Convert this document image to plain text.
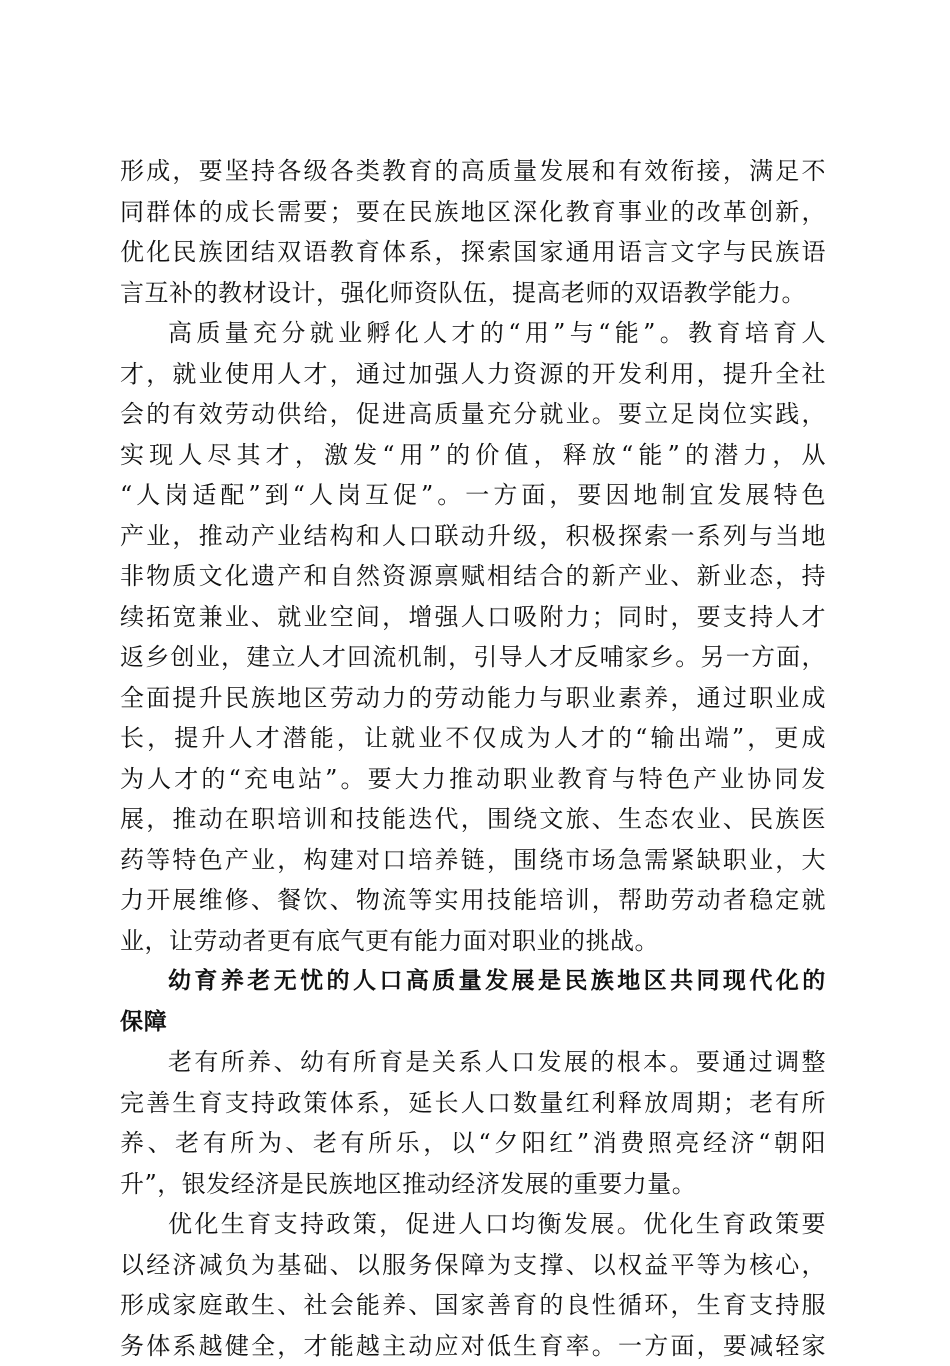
形成，要坚持各级各类教育的高质量发展和有效衔接，满足不
同群体的成长需要；要在民族地区深化教育事业的改革创新，
优化民族团结双语教育体系，探索国家通用语言文字与民族语
言互补的教材设计，强化师资队伍，提高老师的双语教学能力。
高质量充分就业孵化人才的“用”与“能”。教育培育人
才，就业使用人才，通过加强人力资源的开发利用，提升全社
会的有效劳动供给，促进高质量充分就业。要立足岗位实践，
实现人尽其才，激发“用”的价值，释放“能”的潜力，从
“人岗适配”到“人岗互促”。一方面，要因地制宜发展特色
产业，推动产业结构和人口联动升级，积极探索一系列与当地
非物质文化遗产和自然资源禀赋相结合的新产业、新业态，持
续拓宽兼业、就业空间，增强人口吸附力；同时，要支持人才
返乡创业，建立人才回流机制，引导人才反哺家乡。另一方面，
全面提升民族地区劳动力的劳动能力与职业素养，通过职业成
长，提升人才潜能，让就业不仅成为人才的“输出端”，更成
为人才的“充电站”。要大力推动职业教育与特色产业协同发
展，推动在职培训和技能迭代，围绕文旅、生态农业、民族医
药等特色产业，构建对口培养链，围绕市场急需紧缺职业，大
力开展维修、餐饮、物流等实用技能培训，帮助劳动者稳定就
业，让劳动者更有底气更有能力面对职业的挑战。
幼育养老无忧的人口高质量发展是民族地区共同现代化的
保障
老有所养、幼有所育是关系人口发展的根本。要通过调整
完善生育支持政策体系，延长人口数量红利释放周期；老有所
养、老有所为、老有所乐，以“夕阳红”消费照亮经济“朝阳
升”，银发经济是民族地区推动经济发展的重要力量。
优化生育支持政策，促进人口均衡发展。优化生育政策要
以经济减负为基础、以服务保障为支撑、以权益平等为核心，
形成家庭敢生、社会能养、国家善育的良性循环，生育支持服
务体系越健全，才能越主动应对低生育率。一方面，要减轻家
